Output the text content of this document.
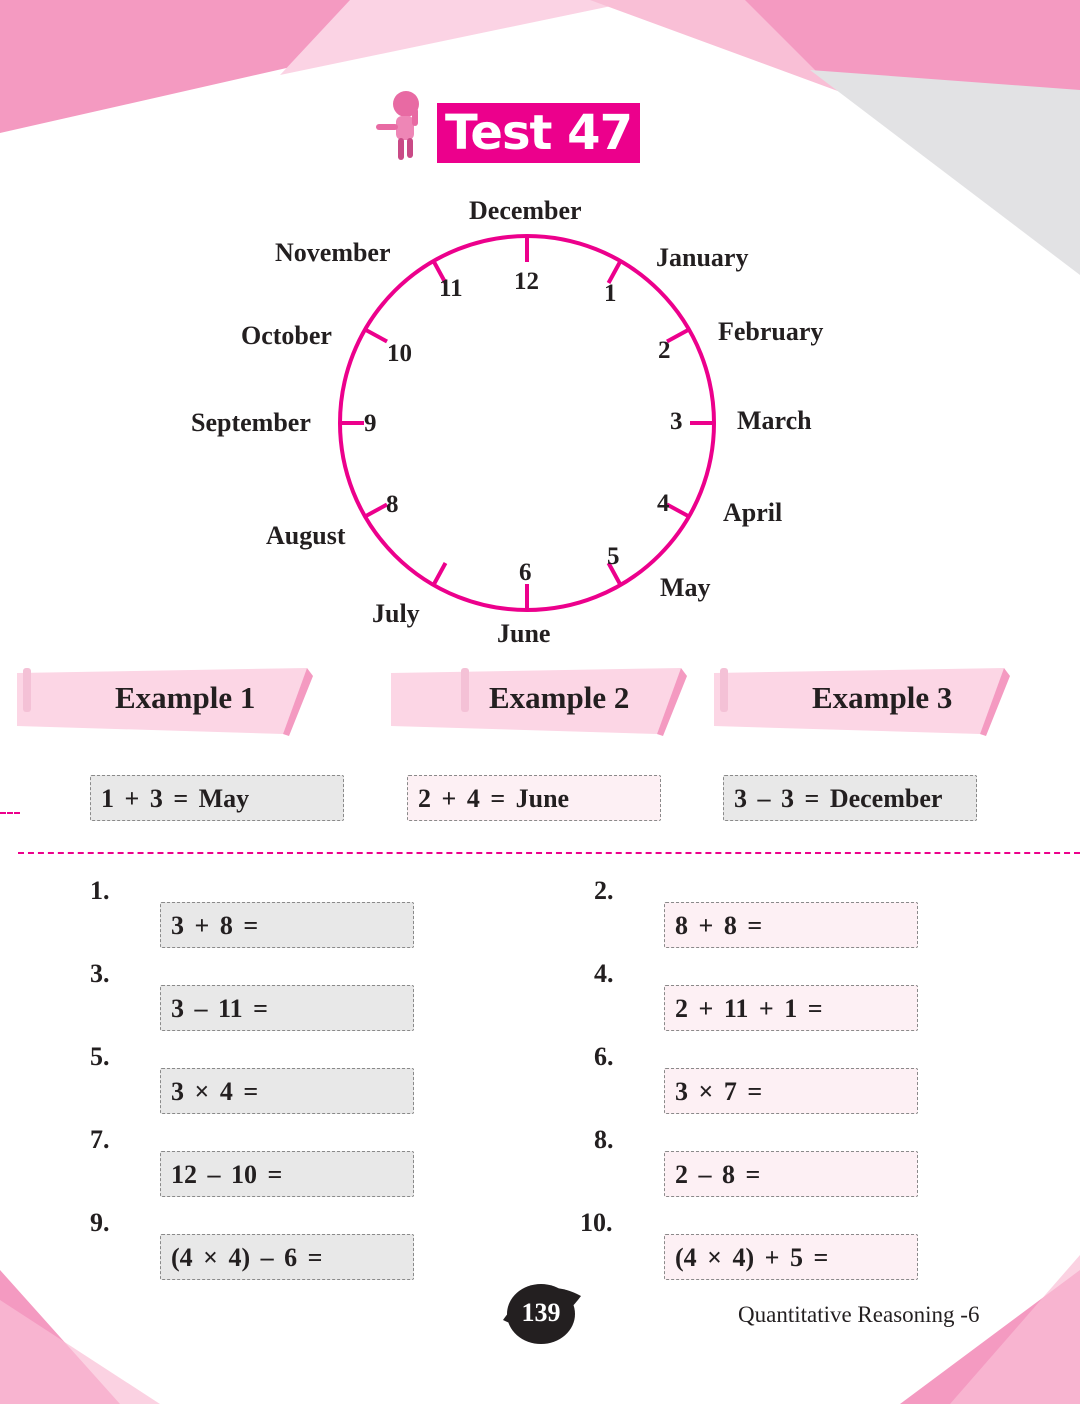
Test 47
December
January
February
March
April
May
June
July
August
September
October
November
12	1
2
3
4
5
6
8
9
10
11
Example 1	Example 2	Example 3
1 + 3 = May	2 + 4 = June	3 – 3 = December
1.
3 + 8 =
2.
8 + 8 =
3.
3 – 11 =
4.
2 + 11 + 1 =
5.
3 × 4 =
6.
3 × 7 =
7.
12 – 10 =
8.
2 – 8 =
9.
(4 × 4) – 6 =
10.
(4 × 4) + 5 =
139	Quantitative Reasoning -6
